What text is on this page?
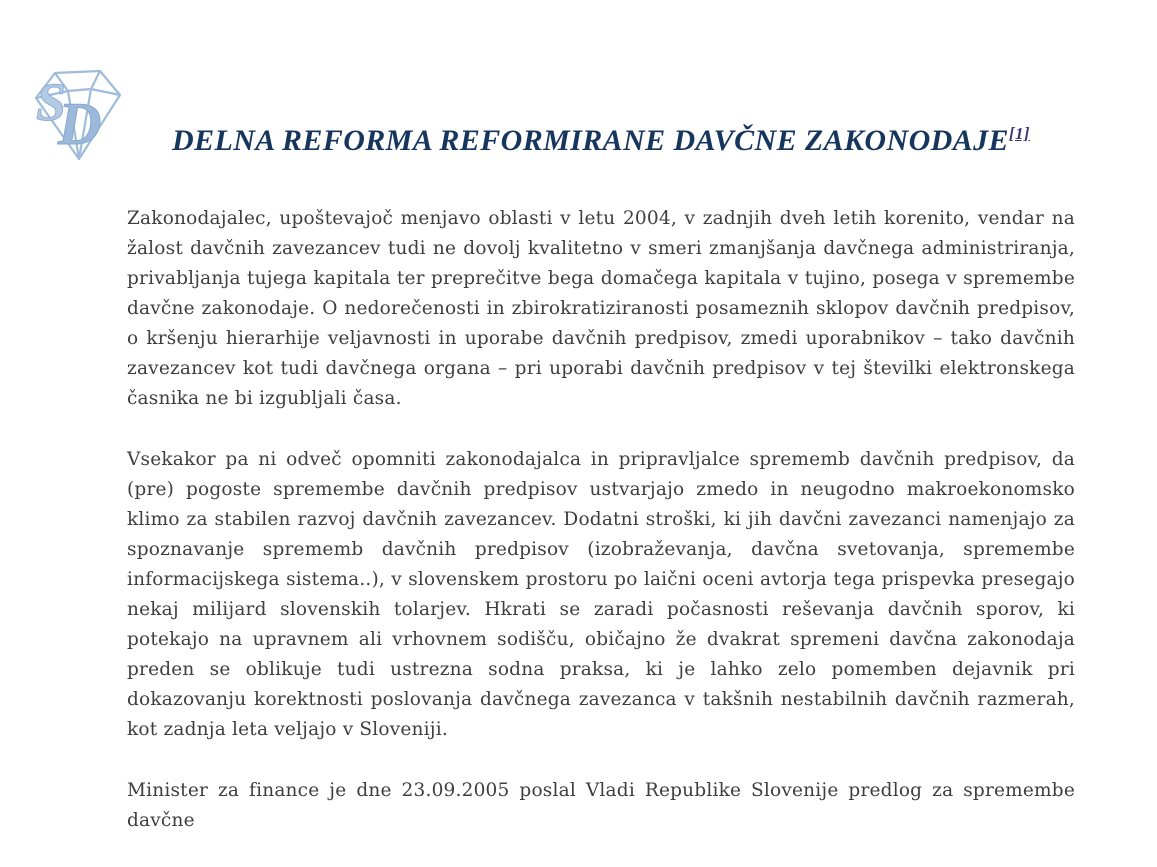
S
D	DELNA REFORMA REFORMIRANE DAVČNE ZAKONODAJE[1]

Zakonodajalec, upoštevajoč menjavo oblasti v letu 2004, v zadnjih dveh letih korenito, vendar na žalost davčnih zavezancev tudi ne dovolj kvalitetno v smeri zmanjšanja davčnega administriranja, privabljanja tujega kapitala ter preprečitve bega domačega kapitala v tujino, posega v spremembe davčne zakonodaje. O nedorečenosti in zbirokratiziranosti posameznih sklopov davčnih predpisov, o kršenju hierarhije veljavnosti in uporabe davčnih predpisov, zmedi uporabnikov – tako davčnih zavezancev kot tudi davčnega organa – pri uporabi davčnih predpisov v tej številki elektronskega časnika ne bi izgubljali časa.

Vsekakor pa ni odveč opomniti zakonodajalca in pripravljalce sprememb davčnih predpisov, da (pre) pogoste spremembe davčnih predpisov ustvarjajo zmedo in neugodno makroekonomsko klimo za stabilen razvoj davčnih zavezancev. Dodatni stroški, ki jih davčni zavezanci namenjajo za spoznavanje sprememb davčnih predpisov (izobraževanja, davčna svetovanja, spremembe informacijskega sistema..), v slovenskem prostoru po laični oceni avtorja tega prispevka presegajo nekaj milijard slovenskih tolarjev. Hkrati se zaradi počasnosti reševanja davčnih sporov, ki potekajo na upravnem ali vrhovnem sodišču, običajno že dvakrat spremeni davčna zakonodaja preden se oblikuje tudi ustrezna sodna praksa, ki je lahko zelo pomemben dejavnik pri dokazovanju korektnosti poslovanja davčnega zavezanca v takšnih nestabilnih davčnih razmerah, kot zadnja leta veljajo v Sloveniji.

Minister za finance je dne 23.09.2005 poslal Vladi Republike Slovenije predlog za spremembe davčne
